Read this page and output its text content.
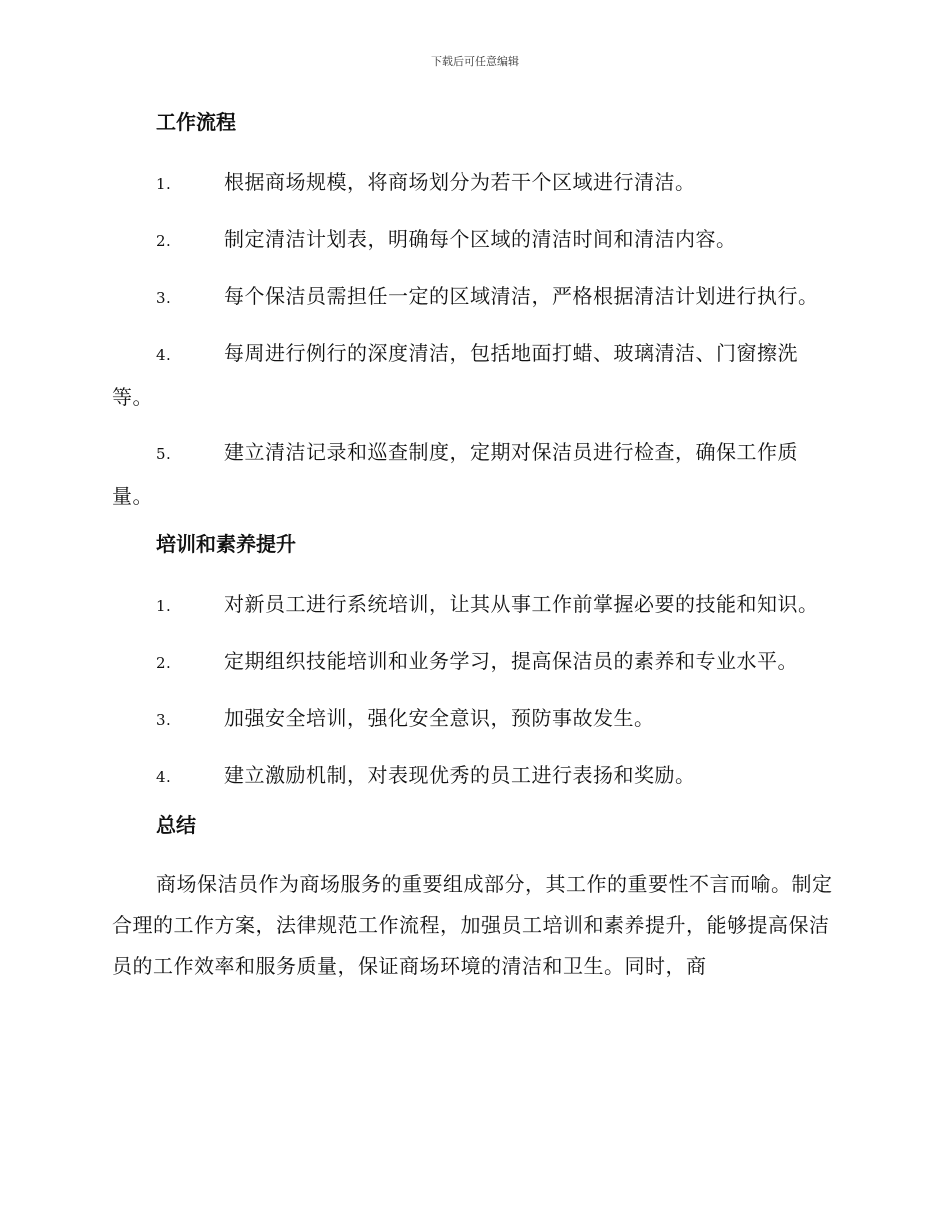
下载后可任意编辑
工作流程

1.	根据商场规模，将商场划分为若干个区域进行清洁。

2.	制定清洁计划表，明确每个区域的清洁时间和清洁内容。

3.	每个保洁员需担任一定的区域清洁，严格根据清洁计划进行执行。

4.	每周进行例行的深度清洁，包括地面打蜡、玻璃清洁、门窗擦洗等。

5.	建立清洁记录和巡查制度，定期对保洁员进行检查，确保工作质量。

培训和素养提升

1.	对新员工进行系统培训，让其从事工作前掌握必要的技能和知识。

2.	定期组织技能培训和业务学习，提高保洁员的素养和专业水平。

3.	加强安全培训，强化安全意识，预防事故发生。

4.	建立激励机制，对表现优秀的员工进行表扬和奖励。

总结

商场保洁员作为商场服务的重要组成部分，其工作的重要性不言而喻。制定合理的工作方案，法律规范工作流程，加强员工培训和素养提升，能够提高保洁员的工作效率和服务质量，保证商场环境的清洁和卫生。同时，商
